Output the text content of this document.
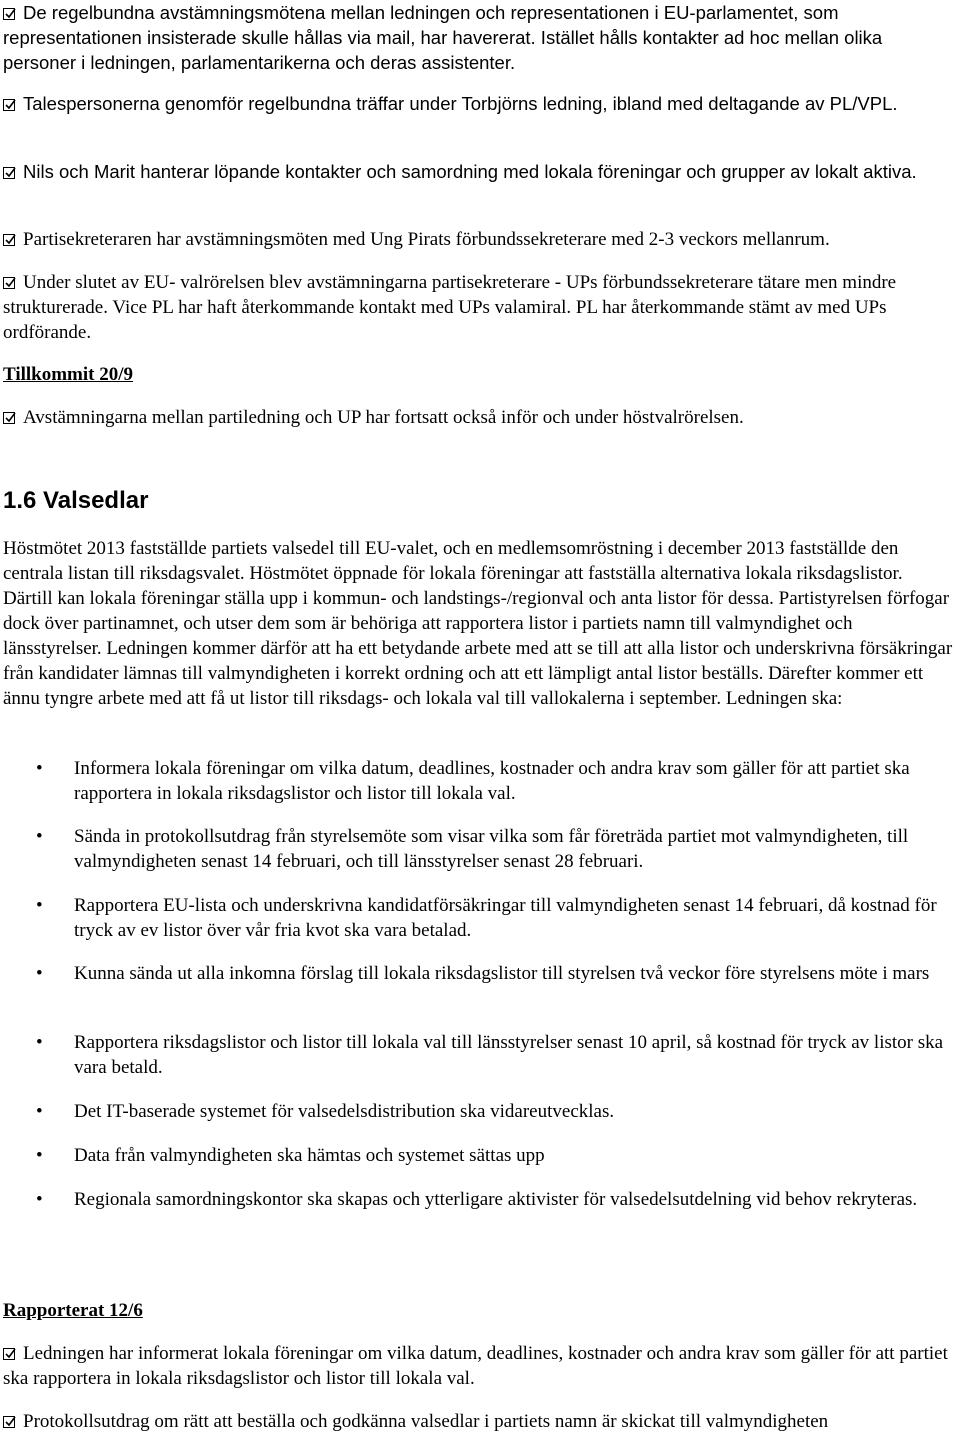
De regelbundna avstämningsmötena mellan ledningen och representationen i EU-parlamentet, som representationen insisterade skulle hållas via mail, har havererat. Istället hålls kontakter ad hoc mellan olika personer i ledningen, parlamentarikerna och deras assistenter.

Talespersonerna genomför regelbundna träffar under Torbjörns ledning, ibland med deltagande av PL/VPL.

Nils och Marit hanterar löpande kontakter och samordning med lokala föreningar och grupper av lokalt aktiva.

Partisekreteraren har avstämningsmöten med Ung Pirats förbundssekreterare med 2-3 veckors mellanrum.

Under slutet av EU- valrörelsen blev avstämningarna partisekreterare - UPs förbundssekreterare tätare men mindre strukturerade. Vice PL har haft återkommande kontakt med UPs valamiral. PL har återkommande stämt av med UPs ordförande.

Tillkommit 20/9

Avstämningarna mellan partiledning och UP har fortsatt också inför och under höstvalrörelsen.

1.6 Valsedlar

Höstmötet 2013 fastställde partiets valsedel till EU-valet, och en medlemsomröstning i december 2013 fastställde den centrala listan till riksdagsvalet. Höstmötet öppnade för lokala föreningar att fastställa alternativa lokala riksdagslistor. Därtill kan lokala föreningar ställa upp i kommun- och landstings-/regionval och anta listor för dessa. Partistyrelsen förfogar dock över partinamnet, och utser dem som är behöriga att rapportera listor i partiets namn till valmyndighet och länsstyrelser. Ledningen kommer därför att ha ett betydande arbete med att se till att alla listor och underskrivna försäkringar från kandidater lämnas till valmyndigheten i korrekt ordning och att ett lämpligt antal listor beställs. Därefter kommer ett ännu tyngre arbete med att få ut listor till riksdags- och lokala val till vallokalerna i september. Ledningen ska:

• Informera lokala föreningar om vilka datum, deadlines, kostnader och andra krav som gäller för att partiet ska rapportera in lokala riksdagslistor och listor till lokala val.

• Sända in protokollsutdrag från styrelsemöte som visar vilka som får företräda partiet mot valmyndigheten, till valmyndigheten senast 14 februari, och till länsstyrelser senast 28 februari.

• Rapportera EU-lista och underskrivna kandidatförsäkringar till valmyndigheten senast 14 februari, då kostnad för tryck av ev listor över vår fria kvot ska vara betalad.

• Kunna sända ut alla inkomna förslag till lokala riksdagslistor till styrelsen två veckor före styrelsens möte i mars

• Rapportera riksdagslistor och listor till lokala val till länsstyrelser senast 10 april, så kostnad för tryck av listor ska vara betald.

• Det IT-baserade systemet för valsedelsdistribution ska vidareutvecklas.

• Data från valmyndigheten ska hämtas och systemet sättas upp

• Regionala samordningskontor ska skapas och ytterligare aktivister för valsedelsutdelning vid behov rekryteras.

Rapporterat 12/6

Ledningen har informerat lokala föreningar om vilka datum, deadlines, kostnader och andra krav som gäller för att partiet ska rapportera in lokala riksdagslistor och listor till lokala val.

Protokollsutdrag om rätt att beställa och godkänna valsedlar i partiets namn är skickat till valmyndigheten
